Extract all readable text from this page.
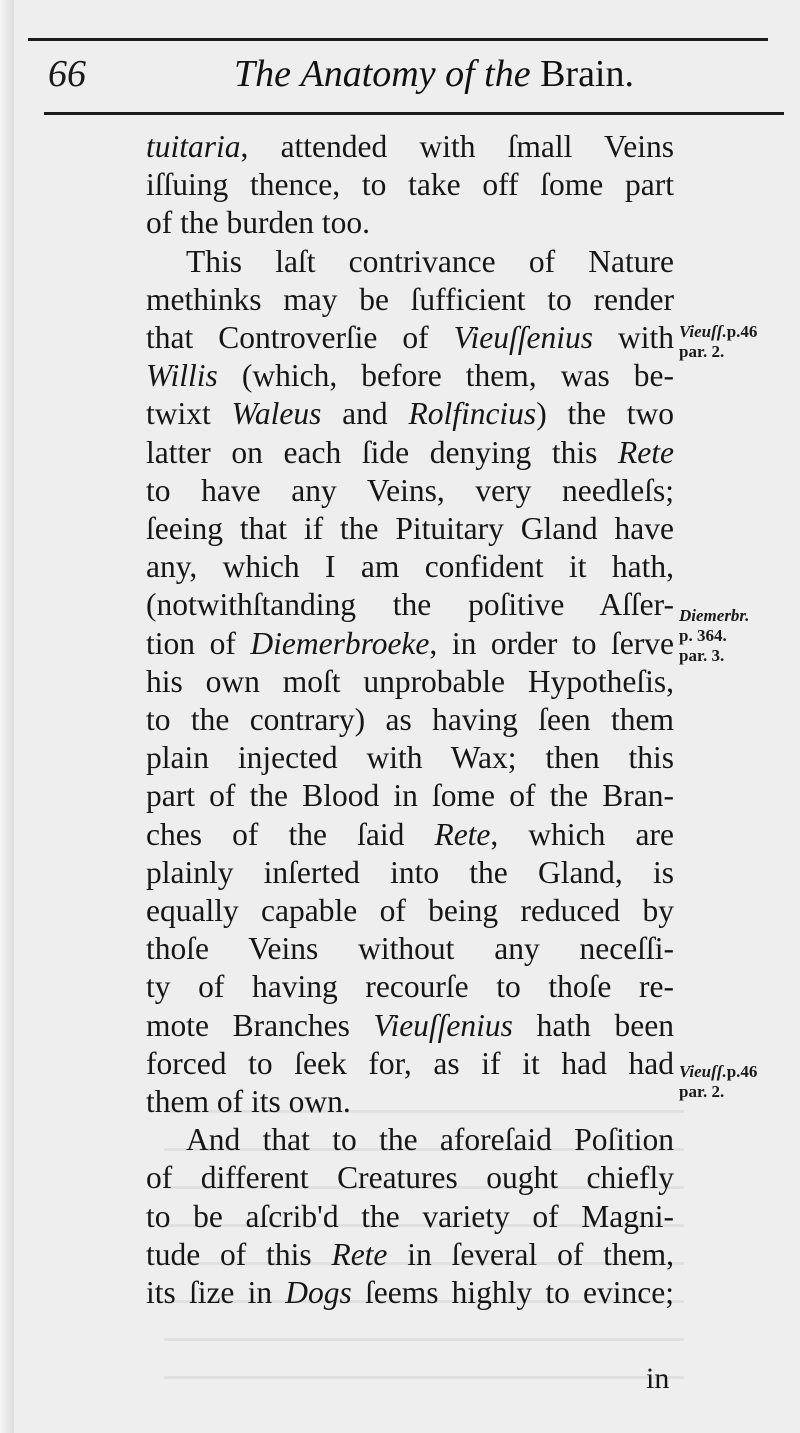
66	The Anatomy of the Brain.
tuitaria, attended with ſmall Veins
iſſuing thence, to take off ſome part
of the burden too.
This laſt contrivance of Nature
methinks may be ſufficient to render
that Controverſie of Vieuſſenius with
Willis (which, before them, was be-
twixt Waleus and Rolfincius) the two
latter on each ſide denying this Rete
to have any Veins, very needleſs;
ſeeing that if the Pituitary Gland have
any, which I am confident it hath,
(notwithſtanding the poſitive Aſſer-
tion of Diemerbroeke, in order to ſerve
his own moſt unprobable Hypotheſis,
to the contrary) as having ſeen them
plain injected with Wax; then this
part of the Blood in ſome of the Bran-
ches of the ſaid Rete, which are
plainly inſerted into the Gland, is
equally capable of being reduced by
thoſe Veins without any neceſſi-
ty of having recourſe to thoſe re-
mote Branches Vieuſſenius hath been
forced to ſeek for, as if it had had
them of its own.
And that to the aforeſaid Poſition
of different Creatures ought chiefly
to be aſcrib'd the variety of Magni-
tude of this Rete in ſeveral of them,
its ſize in Dogs ſeems highly to evince;
Vieuſſ.p.46
par. 2.
Diemerbr.
p. 364.
par. 3.
Vieuſſ.p.46
par. 2.
in
